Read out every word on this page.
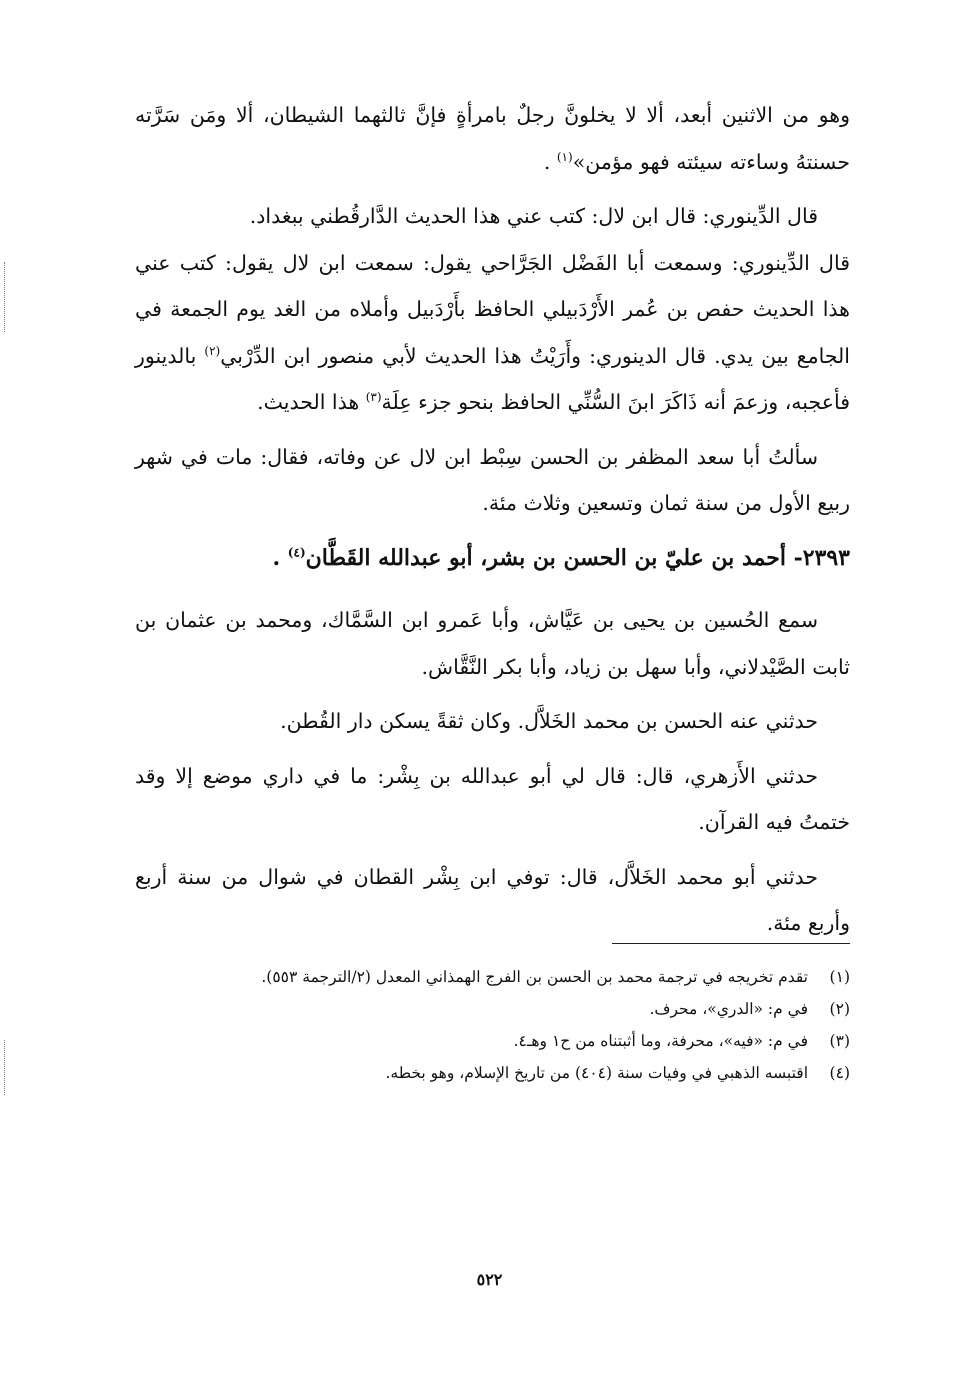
وهو من الاثنين أبعد، ألا لا يخلونَّ رجلٌ بامرأةٍ فإنَّ ثالثهما الشيطان، ألا ومَن سَرَّته حسنتهُ وساءته سيئته فهو مؤمن»$^{(١)}$ .

قال الدِّينوري: قال ابن لال: كتب عني هذا الحديث الدَّارقُطني ببغداد.

قال الدِّينوري: وسمعت أبا الفَضْل الجَرَّاحي يقول: سمعت ابن لال يقول: كتب عني هذا الحديث حفص بن عُمر الأَرْدَبيلي الحافظ بأَرْدَبيل وأملاه من الغد يوم الجمعة في الجامع بين يدي. قال الدينوري: وأَرَيْتُ هذا الحديث لأبي منصور ابن الدِّرْبي$^{(٢)}$ بالدينور فأعجبه، وزعمَ أنه ذَاكَرَ ابنَ السُّنِّي الحافظ بنحو جزء عِلَة$^{(٣)}$ هذا الحديث.

سألتُ أبا سعد المظفر بن الحسن سِبْط ابن لال عن وفاته، فقال: مات في شهر ربيع الأول من سنة ثمان وتسعين وثلاث مئة.

٢٣٩٣- أحمد بن عليّ بن الحسن بن بشر، أبو عبدالله القَطَّان$^{(٤)}$ .

سمع الحُسين بن يحيى بن عَيَّاش، وأبا عَمرو ابن السَّمَّاك، ومحمد بن عثمان بن ثابت الصَّيْدلاني، وأبا سهل بن زياد، وأبا بكر النَّقَّاش.

حدثني عنه الحسن بن محمد الخَلاَّل. وكان ثقةً يسكن دار القُطن.

حدثني الأَزهري، قال: قال لي أبو عبدالله بن بِشْر: ما في داري موضع إلا وقد ختمتُ فيه القرآن.

حدثني أبو محمد الخَلاَّل، قال: توفي ابن بِشْر القطان في شوال من سنة أربع وأربع مئة.

(١)
تقدم تخريجه في ترجمة محمد بن الحسن بن الفرج الهمذاني المعدل (٢/الترجمة ٥٥٣).
(٢)
في م: «الدري»، محرف.
(٣)
في م: «فيه»، محرفة، وما أثبتناه من ح١ وهـ٤.
(٤)
اقتبسه الذهبي في وفيات سنة (٤٠٤) من تاريخ الإسلام، وهو بخطه.
٥٢٢
